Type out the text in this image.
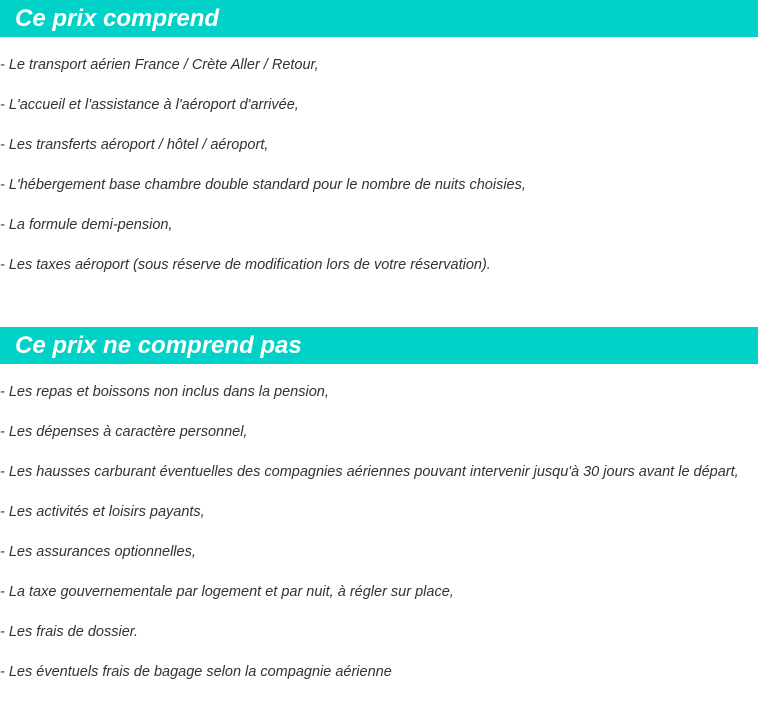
Ce prix comprend
- Le transport aérien France / Crète Aller / Retour,
- L'accueil et l'assistance à l'aéroport d'arrivée,
- Les transferts aéroport / hôtel / aéroport,
- L'hébergement base chambre double standard pour le nombre de nuits choisies,
- La formule demi-pension,
- Les taxes aéroport (sous réserve de modification lors de votre réservation).
Ce prix ne comprend pas
- Les repas et boissons non inclus dans la pension,
- Les dépenses à caractère personnel,
- Les hausses carburant éventuelles des compagnies aériennes pouvant intervenir jusqu'à 30 jours avant le départ,
- Les activités et loisirs payants,
- Les assurances optionnelles,
- La taxe gouvernementale par logement et par nuit, à régler sur place,
- Les frais de dossier.
- Les éventuels frais de bagage selon la compagnie aérienne
